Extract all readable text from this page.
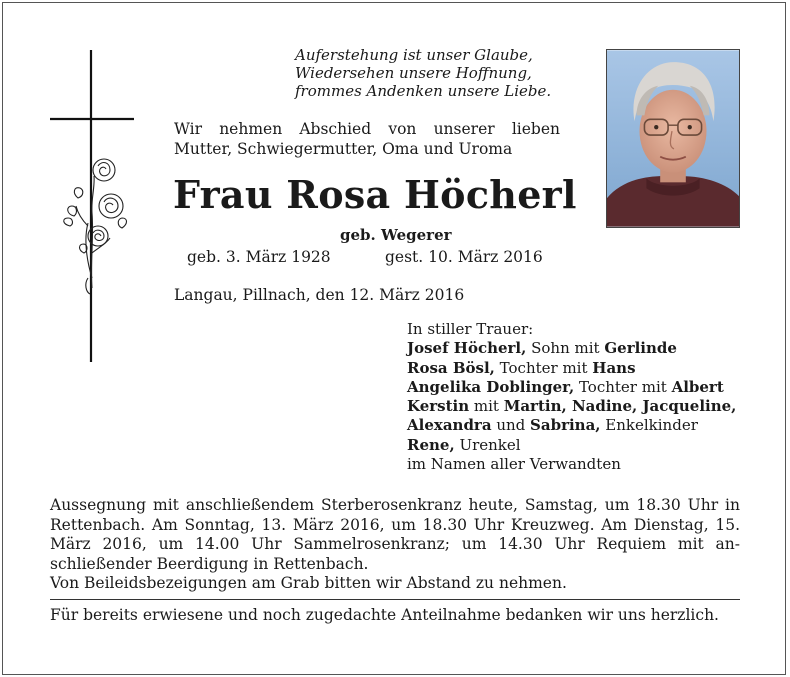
Auferstehung ist unser Glaube,
Wiedersehen unsere Hoffnung,
frommes Andenken unsere Liebe.
Wir nehmen Abschied von unserer lieben Mutter, Schwiegermutter, Oma und Uroma
Frau Rosa Höcherl
geb. Wegerer
geb. 3. März 1928	gest. 10. März 2016
Langau, Pillnach, den 12. März 2016
In stiller Trauer:
Josef Höcherl, Sohn mit Gerlinde
Rosa Bösl, Tochter mit Hans
Angelika Doblinger, Tochter mit Albert
Kerstin mit Martin, Nadine, Jacqueline,
Alexandra und Sabrina, Enkelkinder
Rene, Urenkel
im Namen aller Verwandten

Aussegnung mit anschließendem Sterberosenkranz heute, Samstag, um 18.30 Uhr in Rettenbach. Am Sonntag, 13. März 2016, um 18.30 Uhr Kreuzweg. Am Dienstag, 15. März 2016, um 14.00 Uhr Sammelrosenkranz; um 14.30 Uhr Requiem mit anschließender Beerdigung in Rettenbach.

Von Beileidsbezeigungen am Grab bitten wir Abstand zu nehmen.

Für bereits erwiesene und noch zugedachte Anteilnahme bedanken wir uns herzlich.
